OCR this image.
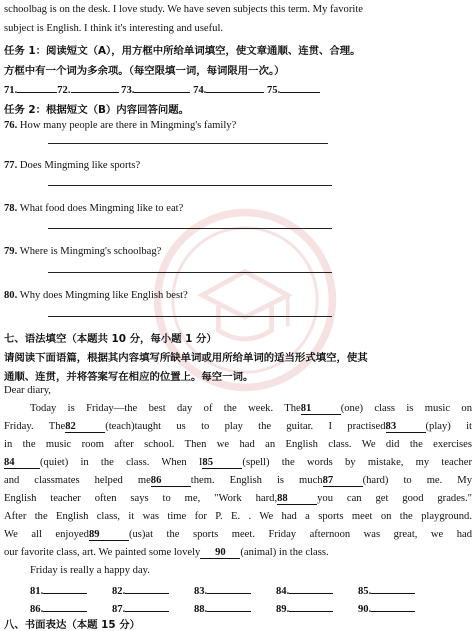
schoolbag is on the desk. I love study. We have seven subjects this term. My favorite
subject is English. I think it's interesting and useful.
任务 1：阅读短文（A），用方框中所给单词填空，使文章通顺、连贯、合理。
方框中有一个词为多余项。（每空限填一词，每词限用一次。）
71.	72.	73.	74.	75.
任务 2：根据短文（B）内容回答问题。
76. How many people are there in Mingming's family?
77. Does Mingming like sports?
78. What food does Mingming like to eat?
79. Where is Mingming's schoolbag?
80. Why does Mingming like English best?
七、语法填空（本题共 10 分，每小题 1 分）
请阅读下面语篇，根据其内容填写所缺单词或用所给单词的适当形式填空，使其
通顺、连贯，并将答案写在相应的位置上。每空一词。
Dear diary,
Today is Friday—the best day of the week. The81	(one) class is music on
Friday. The82	(teach)taught us to play the guitar. I practised83	(play) it
in the music room after school. Then we had an English class. We did the exercises
84 (quiet) in the class. When I85	(spell) the words by mistake, my teacher
and classmates helped me86	them. English is much87	(hard) to me. My
English teacher often says to me, "Work hard,88	you can get good grades."
After the English class, it was time for P. E. . We had a sports meet on the playground.
We all enjoyed89	(us)at the sports meet. Friday afternoon was great, we had
our favorite class, art. We painted some lovely 90 (animal) in the class.
Friday is really a happy day.
81.	82.	83.	84.	85.
86.	87.	88.	89.	90.
八、书面表达（本题 15 分）
